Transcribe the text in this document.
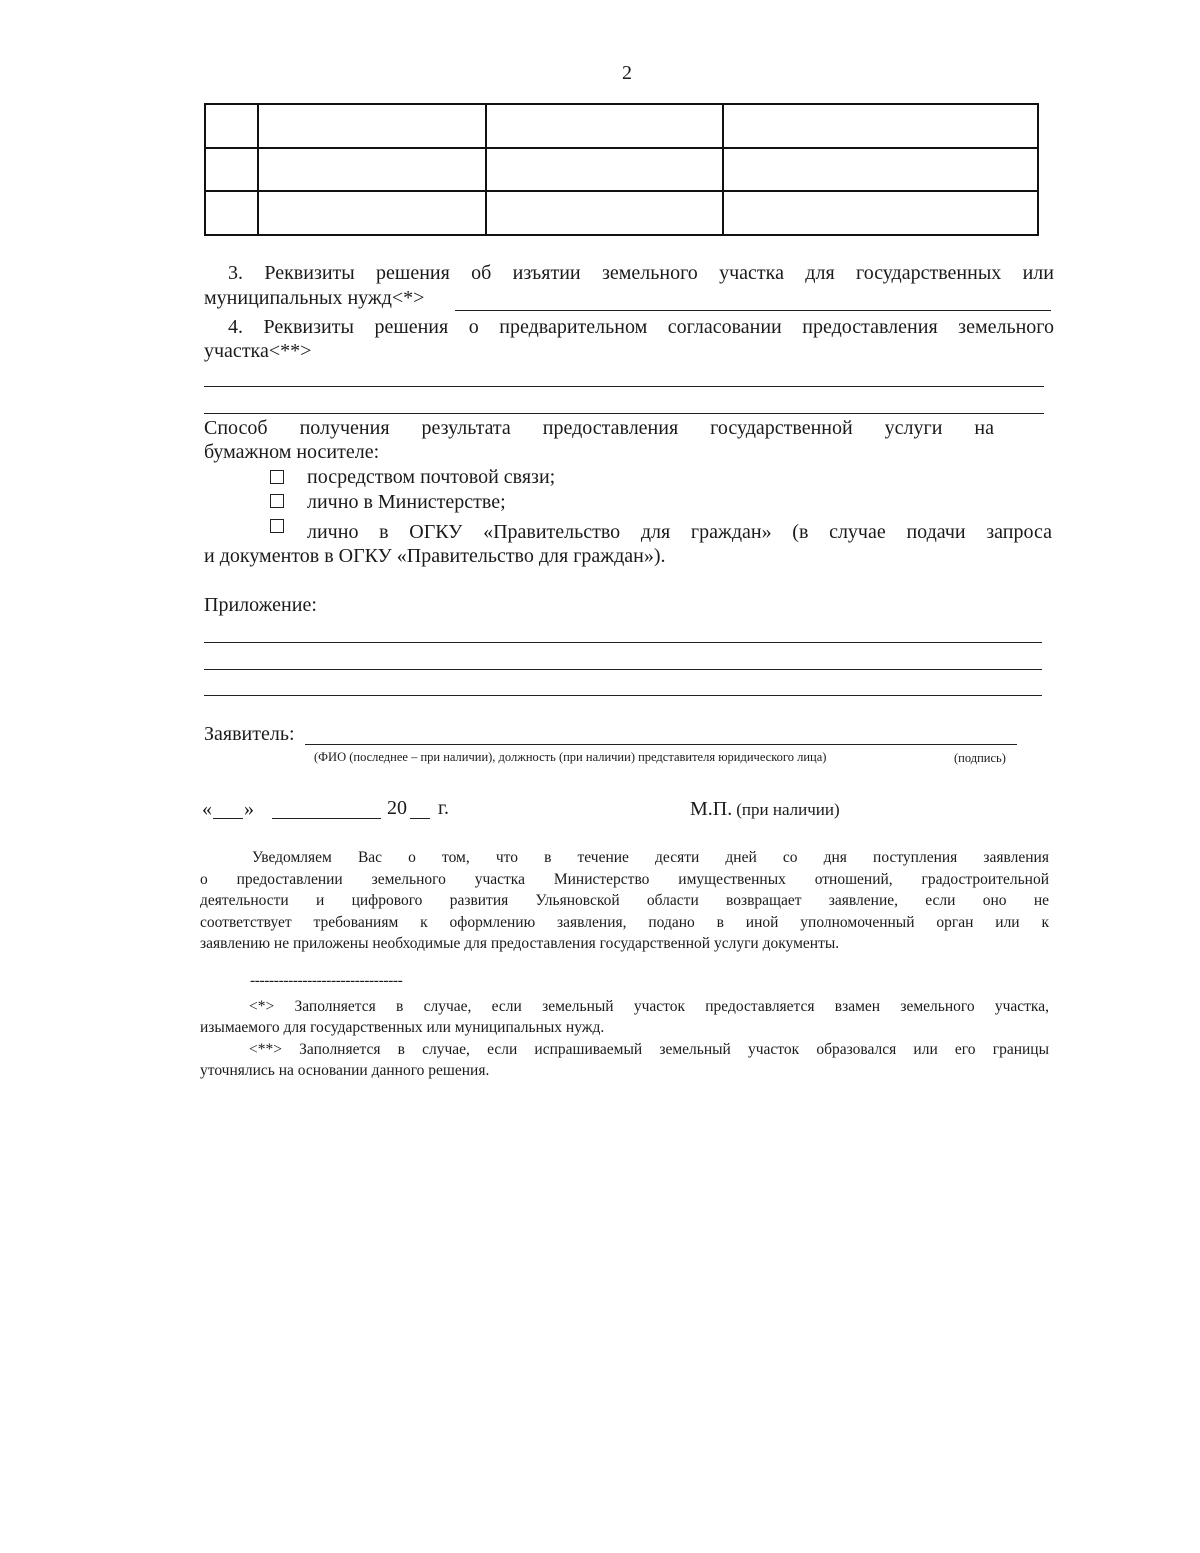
2

3. Реквизиты решения об изъятии земельного участка для государственных или
муниципальных нужд<*>
4. Реквизиты решения о предварительном согласовании предоставления земельного
участка<**>
Способ получения результата предоставления государственной услуги на
бумажном носителе:
посредством почтовой связи;
лично в Министерстве;
лично в ОГКУ «Правительство для граждан» (в случае подачи запроса
и документов в ОГКУ «Правительство для граждан»).
Приложение:
Заявитель:
(ФИО (последнее – при наличии), должность (при наличии) представителя юридического лица)	(подпись)
« »	20 г.	М.П. (при наличии)
Уведомляем Вас о том, что в течение десяти дней со дня поступления заявления
о предоставлении земельного участка Министерство имущественных отношений, градостроительной
деятельности и цифрового развития Ульяновской области возвращает заявление, если оно не
соответствует требованиям к оформлению заявления, подано в иной уполномоченный орган или к
заявлению не приложены необходимые для предоставления государственной услуги документы.
--------------------------------
<*> Заполняется в случае, если земельный участок предоставляется взамен земельного участка,
изымаемого для государственных или муниципальных нужд.
<**> Заполняется в случае, если испрашиваемый земельный участок образовался или его границы
уточнялись на основании данного решения.
